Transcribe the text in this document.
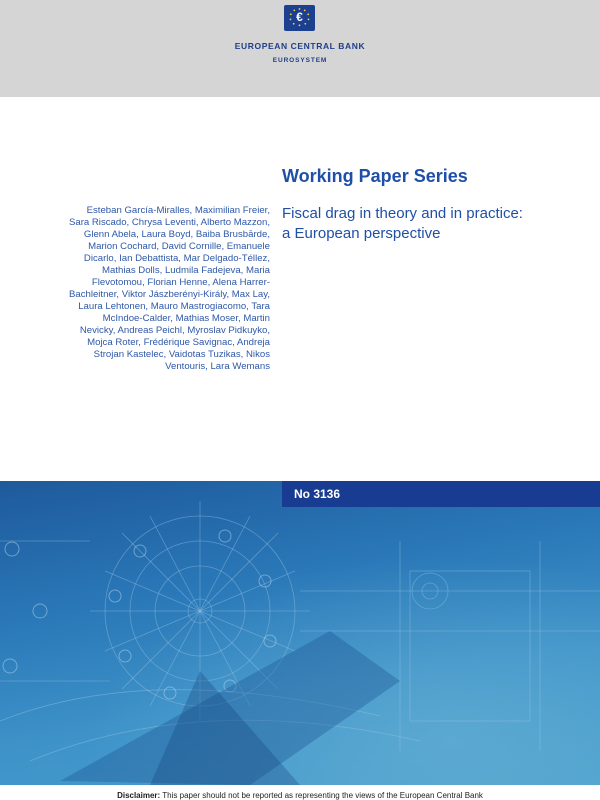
€
EUROPEAN CENTRAL BANK
EUROSYSTEM
Working Paper Series
Fiscal drag in theory and in practice:
a European perspective
Esteban García-Miralles, Maximilian Freier,
Sara Riscado, Chrysa Leventi, Alberto Mazzon,
Glenn Abela, Laura Boyd, Baiba Brusbārde,
Marion Cochard, David Cornille, Emanuele
Dicarlo, Ian Debattista, Mar Delgado-Téllez,
Mathias Dolls, Ludmila Fadejeva, Maria
Flevotomou, Florian Henne, Alena Harrer-
Bachleitner, Viktor Jászberényi-Király, Max Lay,
Laura Lehtonen, Mauro Mastrogiacomo, Tara
McIndoe-Calder, Mathias Moser, Martin
Nevicky, Andreas Peichl, Myroslav Pidkuyko,
Mojca Roter, Frédérique Savignac, Andreja
Strojan Kastelec, Vaidotas Tuzikas, Nikos
Ventouris, Lara Wemans
No 3136
Disclaimer: This paper should not be reported as representing the views of the European Central Bank
